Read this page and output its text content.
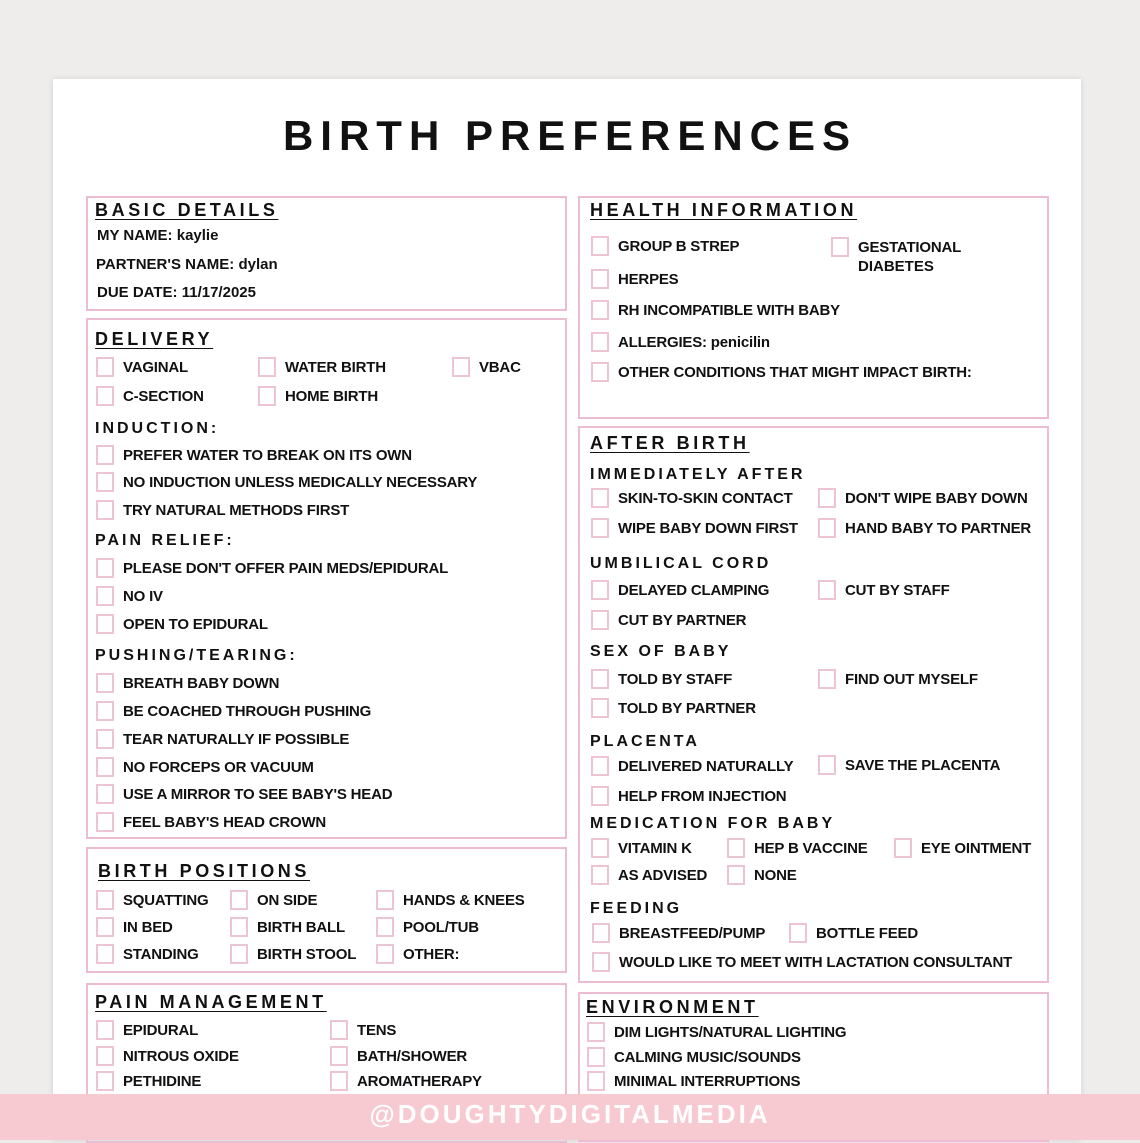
BIRTH PREFERENCES
BASIC DETAILS
MY NAME: kaylie
PARTNER'S NAME: dylan
DUE DATE: 11/17/2025
DELIVERY
VAGINAL	WATER BIRTH	VBAC
C-SECTION	HOME BIRTH
INDUCTION:
PREFER WATER TO BREAK ON ITS OWN
NO INDUCTION UNLESS MEDICALLY NECESSARY
TRY NATURAL METHODS FIRST
PAIN RELIEF:
PLEASE DON'T OFFER PAIN MEDS/EPIDURAL
NO IV
OPEN TO EPIDURAL
PUSHING/TEARING:
BREATH BABY DOWN
BE COACHED THROUGH PUSHING
TEAR NATURALLY IF POSSIBLE
NO FORCEPS OR VACUUM
USE A MIRROR TO SEE BABY'S HEAD
FEEL BABY'S HEAD CROWN
BIRTH POSITIONS
SQUATTING	ON SIDE	HANDS & KNEES
IN BED	BIRTH BALL	POOL/TUB
STANDING	BIRTH STOOL	OTHER:
PAIN MANAGEMENT
EPIDURAL	TENS
NITROUS OXIDE	BATH/SHOWER
PETHIDINE	AROMATHERAPY
HEALTH INFORMATION
GROUP B STREP	GESTATIONAL
DIABETES
HERPES
RH INCOMPATIBLE WITH BABY
ALLERGIES: penicilin
OTHER CONDITIONS THAT MIGHT IMPACT BIRTH:
AFTER BIRTH
IMMEDIATELY AFTER
SKIN-TO-SKIN CONTACT	DON'T WIPE BABY DOWN
WIPE BABY DOWN FIRST	HAND BABY TO PARTNER
UMBILICAL CORD
DELAYED CLAMPING	CUT BY STAFF
CUT BY PARTNER
SEX OF BABY
TOLD BY STAFF	FIND OUT MYSELF
TOLD BY PARTNER
PLACENTA
DELIVERED NATURALLY	SAVE THE PLACENTA
HELP FROM INJECTION
MEDICATION FOR BABY
VITAMIN K	HEP B VACCINE	EYE OINTMENT
AS ADVISED	NONE
FEEDING
BREASTFEED/PUMP	BOTTLE FEED
WOULD LIKE TO MEET WITH LACTATION CONSULTANT
ENVIRONMENT
DIM LIGHTS/NATURAL LIGHTING
CALMING MUSIC/SOUNDS
MINIMAL INTERRUPTIONS
@DOUGHTYDIGITALMEDIA
